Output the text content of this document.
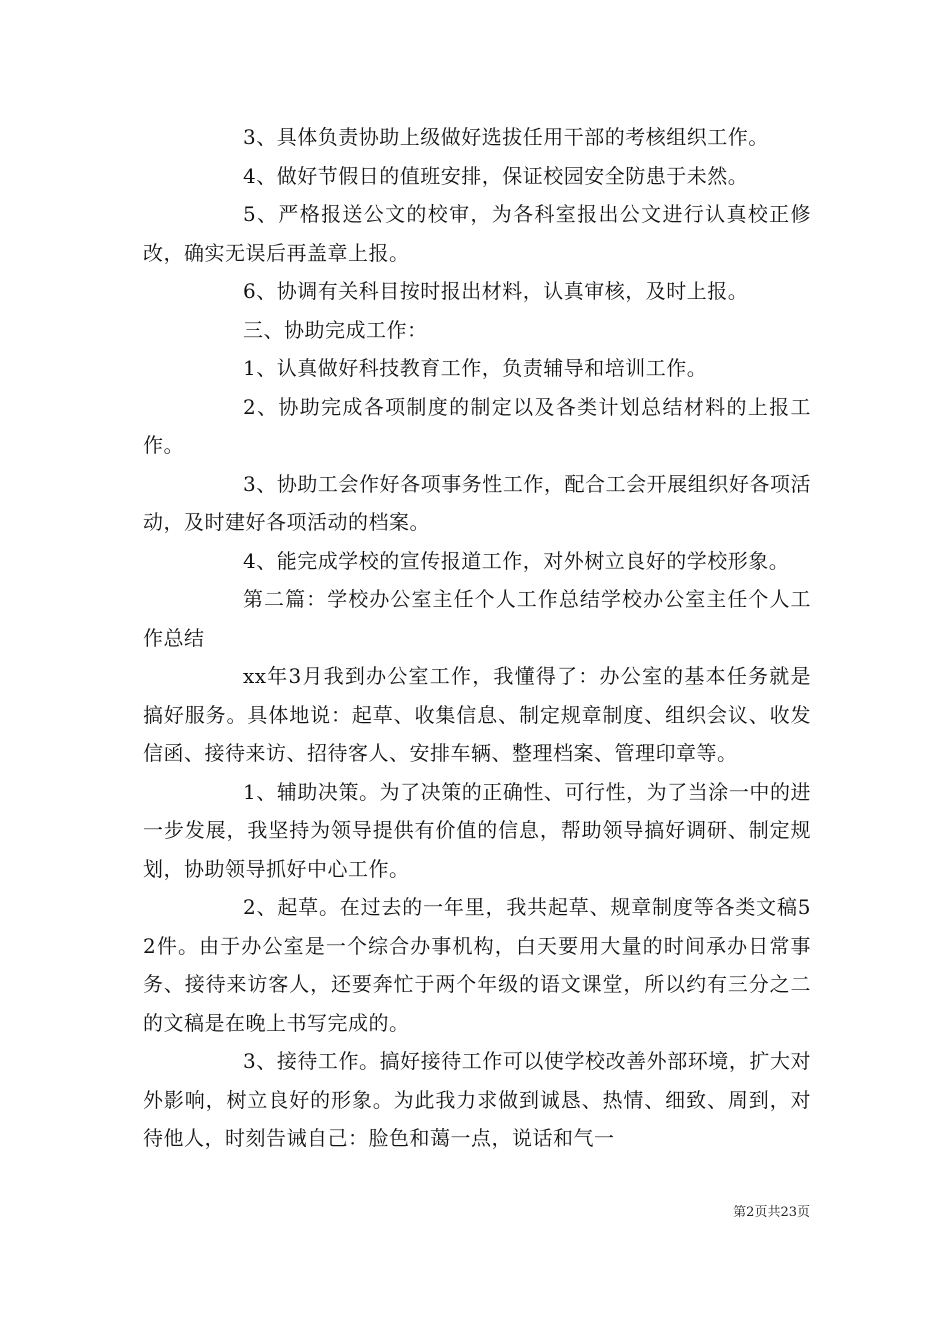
3、具体负责协助上级做好选拔任用干部的考核组织工作。

4、做好节假日的值班安排，保证校园安全防患于未然。

5、严格报送公文的校审，为各科室报出公文进行认真校正修改，确实无误后再盖章上报。

6、协调有关科目按时报出材料，认真审核，及时上报。

三、协助完成工作：

1、认真做好科技教育工作，负责辅导和培训工作。

2、协助完成各项制度的制定以及各类计划总结材料的上报工作。

3、协助工会作好各项事务性工作，配合工会开展组织好各项活动，及时建好各项活动的档案。

4、能完成学校的宣传报道工作，对外树立良好的学校形象。

第二篇：学校办公室主任个人工作总结学校办公室主任个人工作总结

xx年3月我到办公室工作，我懂得了：办公室的基本任务就是搞好服务。具体地说：起草、收集信息、制定规章制度、组织会议、收发信函、接待来访、招待客人、安排车辆、整理档案、管理印章等。

1、辅助决策。为了决策的正确性、可行性，为了当涂一中的进一步发展，我坚持为领导提供有价值的信息，帮助领导搞好调研、制定规划，协助领导抓好中心工作。

2、起草。在过去的一年里，我共起草、规章制度等各类文稿52件。由于办公室是一个综合办事机构，白天要用大量的时间承办日常事务、接待来访客人，还要奔忙于两个年级的语文课堂，所以约有三分之二的文稿是在晚上书写完成的。

3、接待工作。搞好接待工作可以使学校改善外部环境，扩大对外影响，树立良好的形象。为此我力求做到诚恳、热情、细致、周到，对待他人，时刻告诫自己：脸色和蔼一点，说话和气一

第2页共23页
